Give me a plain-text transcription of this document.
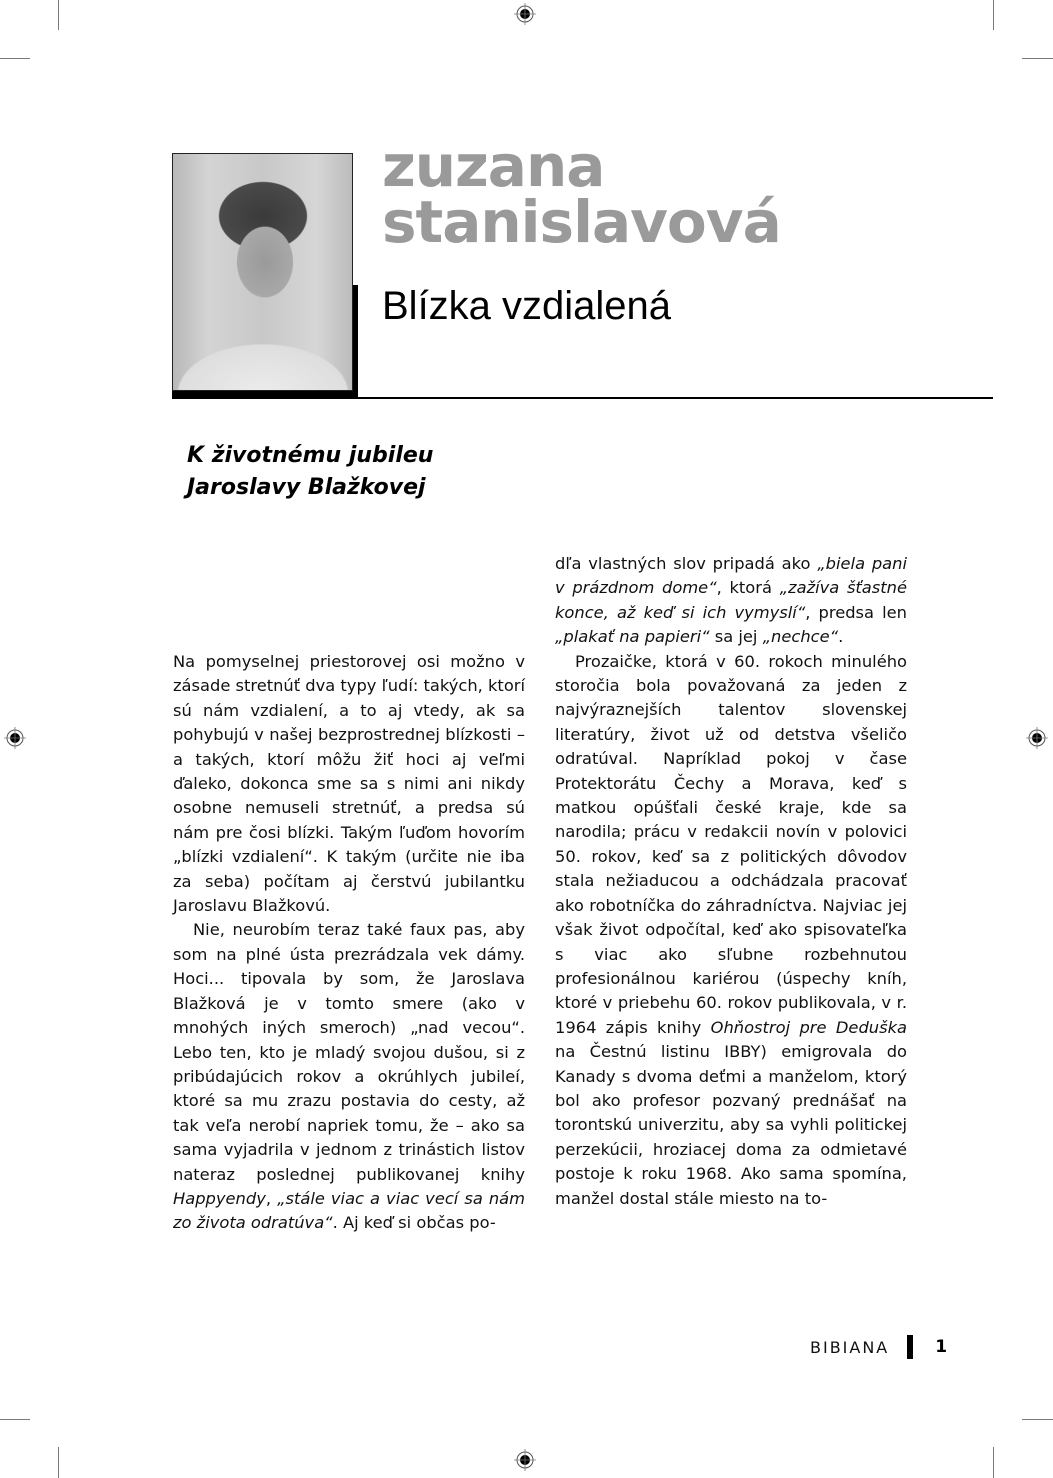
zuzana
stanislavová
Blízka vzdialená
K životnému jubileu
Jaroslavy Blažkovej

Na pomyselnej priestorovej osi možno v zásade stretnúť dva typy ľudí: takých, ktorí sú nám vzdialení, a to aj vtedy, ak sa pohybujú v našej bezprostrednej blízkosti – a takých, ktorí môžu žiť hoci aj veľmi ďaleko, dokonca sme sa s nimi ani nikdy osobne nemuseli stretnúť, a predsa sú nám pre čosi blízki. Takým ľuďom hovorím „blízki vzdialení“. K takým (určite nie iba za seba) počítam aj čerstvú jubilantku Jaroslavu Blažkovú.

Nie, neurobím teraz také faux pas, aby som na plné ústa prezrádzala vek dámy. Hoci... tipovala by som, že Jaroslava Blažková je v tomto smere (ako v mnohých iných smeroch) „nad vecou“. Lebo ten, kto je mladý svojou dušou, si z pribúdajúcich rokov a okrúhlych jubileí, ktoré sa mu zrazu postavia do cesty, až tak veľa nerobí napriek tomu, že – ako sa sama vyjadrila v jednom z trinástich listov nateraz poslednej publikovanej knihy Happyendy, „stále viac a viac vecí sa nám zo života odratúva“. Aj keď si občas po-

dľa vlastných slov pripadá ako „biela pani v prázdnom dome“, ktorá „zažíva šťastné konce, až keď si ich vymyslí“, predsa len „plakať na papieri“ sa jej „nechce“.

Prozaičke, ktorá v 60. rokoch minulého storočia bola považovaná za jeden z najvýraznejších talentov slovenskej literatúry, život už od detstva všeličo odratúval. Napríklad pokoj v čase Protektorátu Čechy a Morava, keď s matkou opúšťali české kraje, kde sa narodila; prácu v redakcii novín v polovici 50. rokov, keď sa z politických dôvodov stala nežiaducou a odchádzala pracovať ako robotníčka do záhradníctva. Najviac jej však život odpočítal, keď ako spisovateľka s viac ako sľubne rozbehnutou profesionálnou kariérou (úspechy kníh, ktoré v priebehu 60. rokov publikovala, v r. 1964 zápis knihy Ohňostroj pre Deduška na Čestnú listinu IBBY) emigrovala do Kanady s dvoma deťmi a manželom, ktorý bol ako profesor pozvaný prednášať na torontskú univerzitu, aby sa vyhli politickej perzekúcii, hroziacej doma za odmietavé postoje k roku 1968. Ako sama spomína, manžel dostal stále miesto na to-

BIBIANA	1
